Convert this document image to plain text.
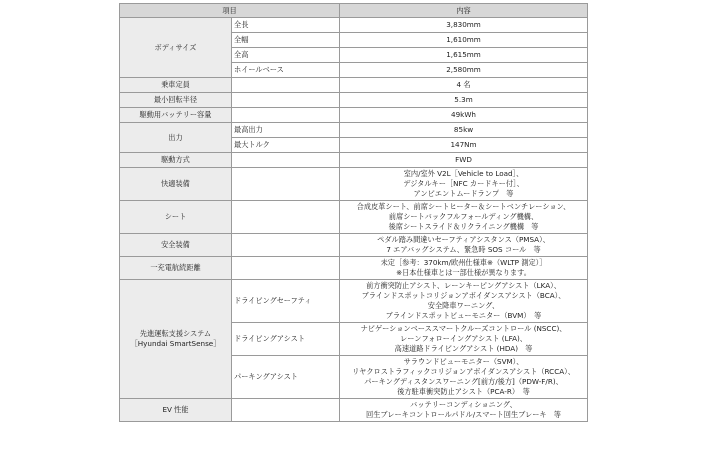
項目		内容
ボディサイズ	全長	3,830mm
	全幅	1,610mm
	全高	1,615mm
	ホイールベース	2,580mm
乗車定員		4 名
最小回転半径		5.3m
駆動用バッテリー容量		49kWh
出力	最高出力	85kw
	最大トルク	147Nm
駆動方式		FWD
快適装備		室内/室外 V2L［Vehicle to Load］、
デジタルキー［NFC カードキー付］、
アンビエントムードランプ　等

シート		合成皮革シート、前席シートヒーター＆シートベンチレーション、
前席シートバックフルフォールディング機構、
後席シートスライド＆リクライニング機構　等

安全装備		ペダル踏み間違いセーフティアシスタンス（PMSA）、
7 エアバッグシステム、緊急時 SOS コール　等

一充電航続距離		未定［参考：370km/欧州仕様車※（WLTP 測定）］
※日本仕様車とは一部仕様が異なります。

先進運転支援システム
［Hyundai SmartSense］	ドライビングセーフティ	前方衝突防止アシスト、レーンキーピングアシスト（LKA）、
ブラインドスポットコリジョンアボイダンスアシスト（BCA）、
安全降車ワーニング、
ブラインドスポットビューモニター（BVM）　等

	ドライビングアシスト	ナビゲーションベーススマートクルーズコントロール (NSCC)、
レーンフォローイングアシスト (LFA)、
高速道路ドライビングアシスト (HDA)　等

	パーキングアシスト	サラウンドビューモニター（SVM）、
リヤクロストラフィックコリジョンアボイダンスアシスト（RCCA）、
パーキングディスタンスワーニング[前方/後方]（PDW-F/R)、
後方駐車衝突防止アシスト（PCA-R）　等

EV 性能		バッテリーコンディショニング、
回生ブレーキコントロールパドル/スマート回生ブレーキ　等
